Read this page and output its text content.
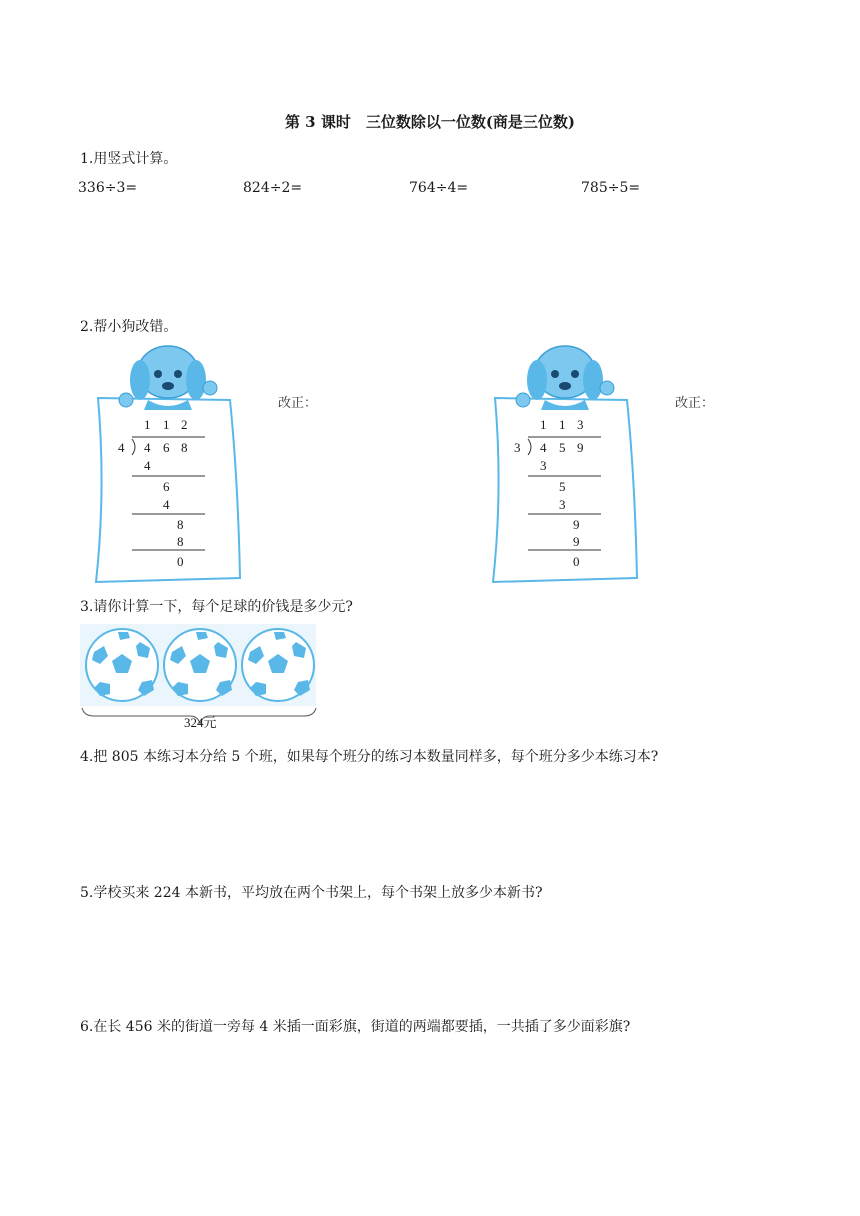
第 3 课时　三位数除以一位数(商是三位数)
1.用竖式计算。
336÷3=	824÷2=	764÷4=	785÷5=
2.帮小狗改错。
1 1 2
4 4 6 8
4
6
4
8
8
0
改正：
1 1 3
3 4 5 9
3
5
3
9
9
0
改正：
3.请你计算一下，每个足球的价钱是多少元?
324元
4.把 805 本练习本分给 5 个班，如果每个班分的练习本数量同样多，每个班分多少本练习本?
5.学校买来 224 本新书，平均放在两个书架上，每个书架上放多少本新书?
6.在长 456 米的街道一旁每 4 米插一面彩旗，街道的两端都要插，一共插了多少面彩旗?
